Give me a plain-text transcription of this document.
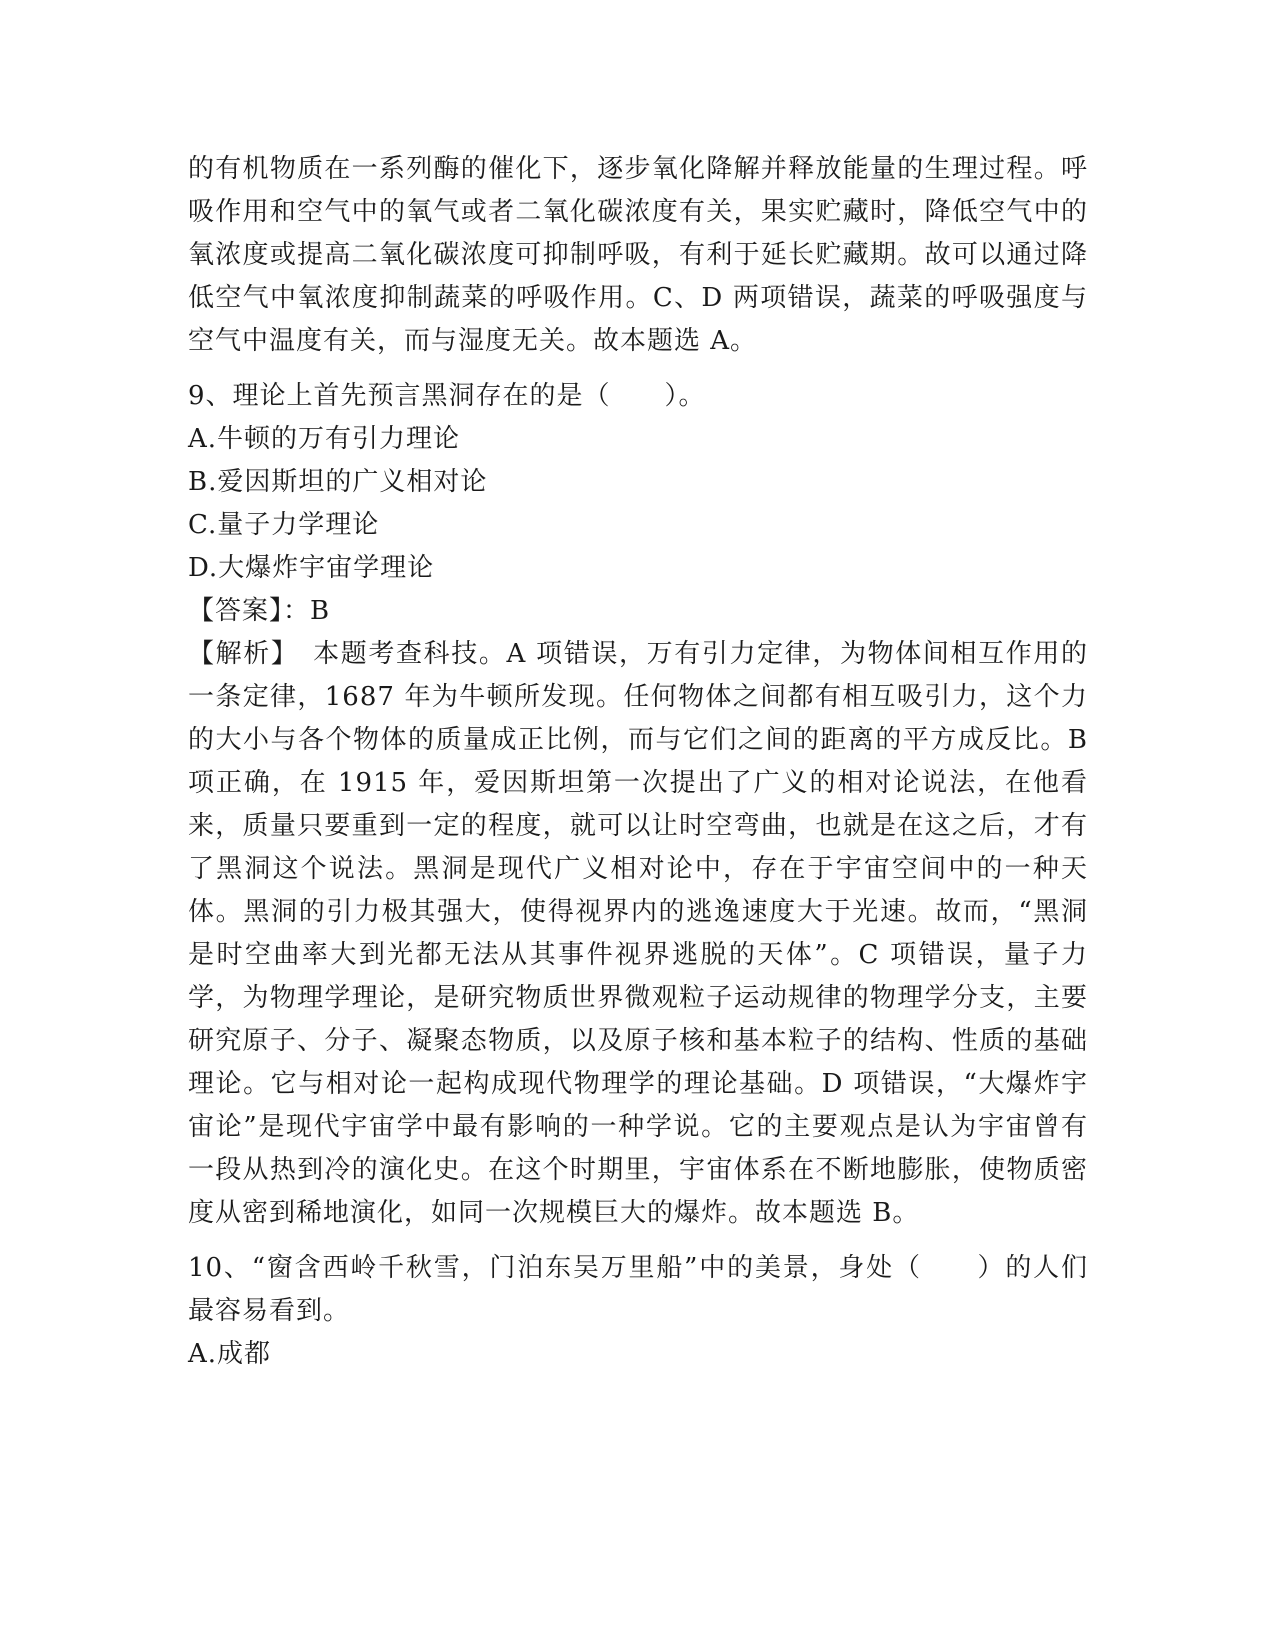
的有机物质在一系列酶的催化下，逐步氧化降解并释放能量的生理过程。呼吸作用和空气中的氧气或者二氧化碳浓度有关，果实贮藏时，降低空气中的氧浓度或提高二氧化碳浓度可抑制呼吸，有利于延长贮藏期。故可以通过降低空气中氧浓度抑制蔬菜的呼吸作用。C、D 两项错误，蔬菜的呼吸强度与空气中温度有关，而与湿度无关。故本题选 A。
9、理论上首先预言黑洞存在的是（　　）。
A.牛顿的万有引力理论
B.爱因斯坦的广义相对论
C.量子力学理论
D.大爆炸宇宙学理论
【答案】：B
【解析】　本题考查科技。A 项错误，万有引力定律，为物体间相互作用的一条定律，1687 年为牛顿所发现。任何物体之间都有相互吸引力，这个力的大小与各个物体的质量成正比例，而与它们之间的距离的平方成反比。B 项正确，在 1915 年，爱因斯坦第一次提出了广义的相对论说法，在他看来，质量只要重到一定的程度，就可以让时空弯曲，也就是在这之后，才有了黑洞这个说法。黑洞是现代广义相对论中，存在于宇宙空间中的一种天体。黑洞的引力极其强大，使得视界内的逃逸速度大于光速。故而，“黑洞是时空曲率大到光都无法从其事件视界逃脱的天体”。C 项错误，量子力学，为物理学理论，是研究物质世界微观粒子运动规律的物理学分支，主要研究原子、分子、凝聚态物质，以及原子核和基本粒子的结构、性质的基础理论。它与相对论一起构成现代物理学的理论基础。D 项错误，“大爆炸宇宙论”是现代宇宙学中最有影响的一种学说。它的主要观点是认为宇宙曾有一段从热到冷的演化史。在这个时期里，宇宙体系在不断地膨胀，使物质密度从密到稀地演化，如同一次规模巨大的爆炸。故本题选 B。
10、“窗含西岭千秋雪，门泊东吴万里船”中的美景，身处（　　）的人们最容易看到。
A.成都
